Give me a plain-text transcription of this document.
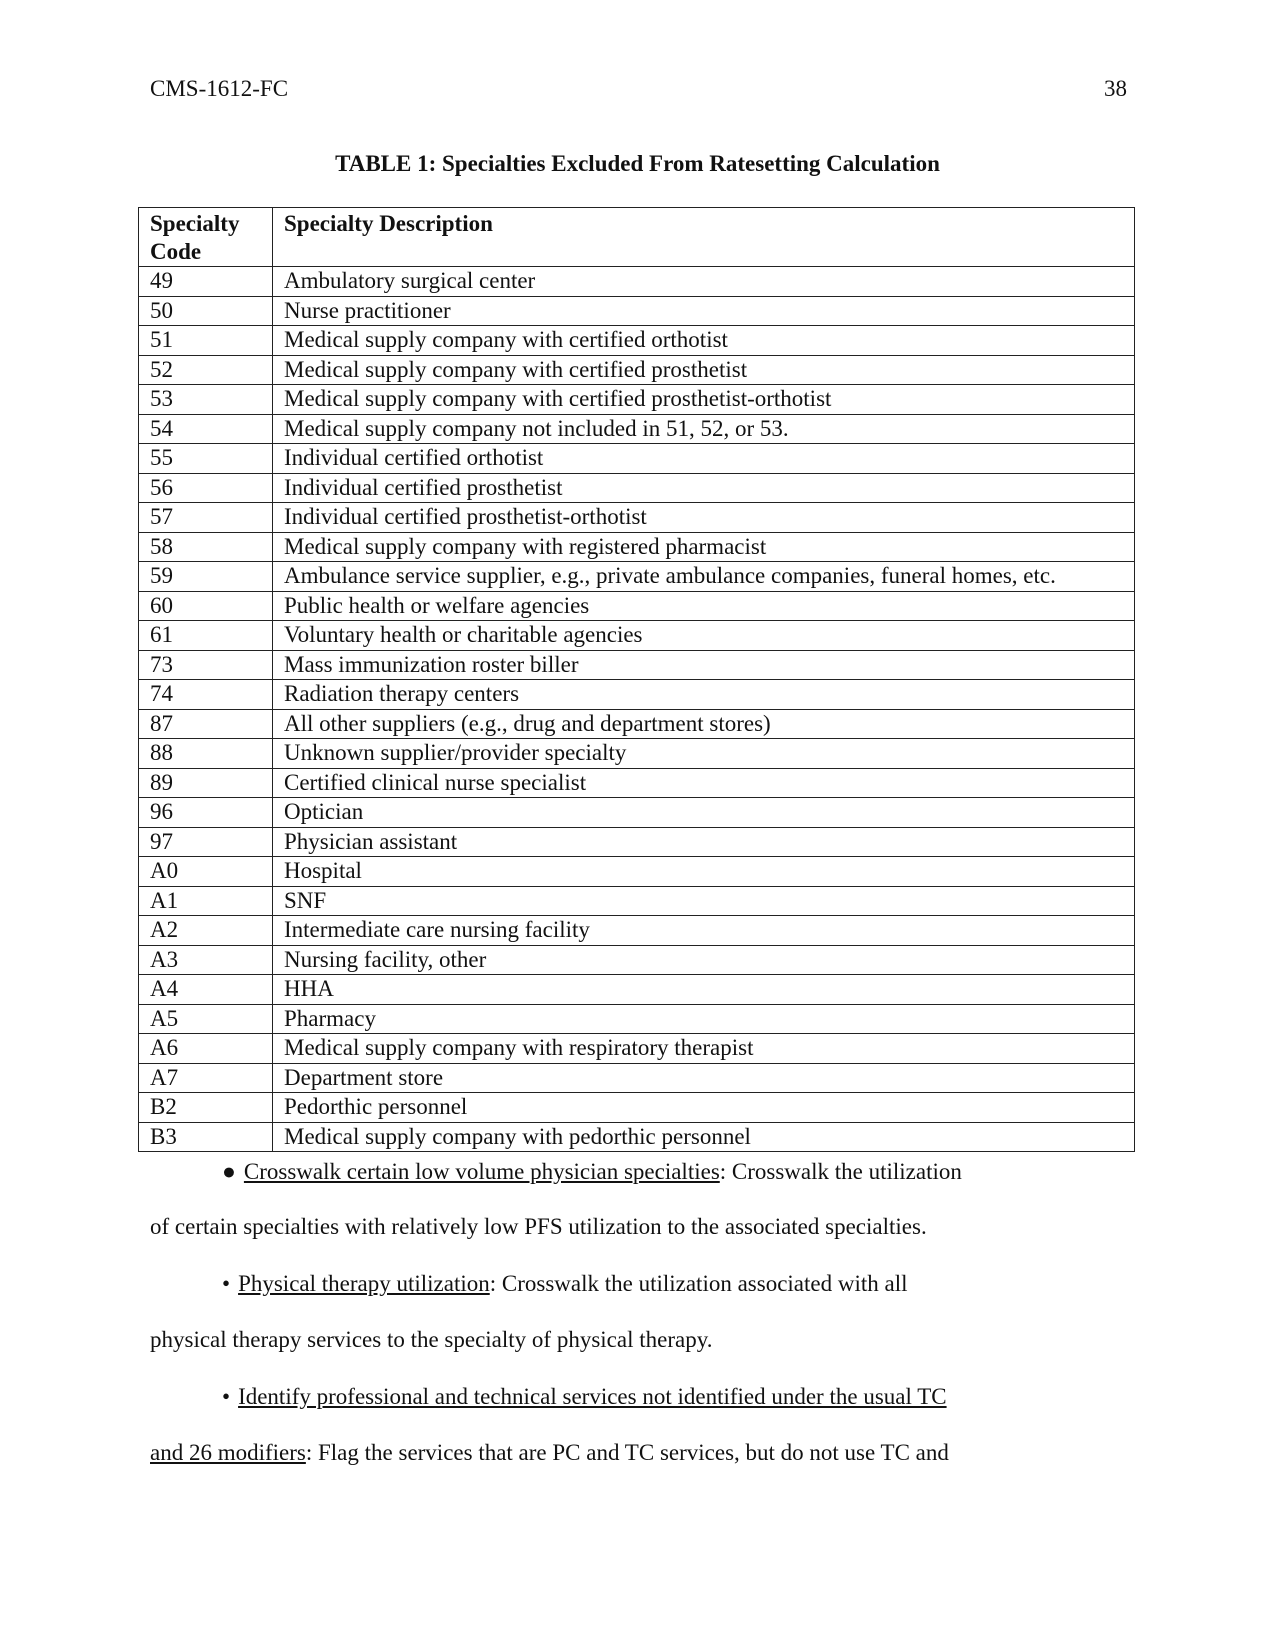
CMS-1612-FC	38
TABLE 1: Specialties Excluded From Ratesetting Calculation
Specialty
Code	Specialty Description
49	Ambulatory surgical center
50	Nurse practitioner
51	Medical supply company with certified orthotist
52	Medical supply company with certified prosthetist
53	Medical supply company with certified prosthetist-orthotist
54	Medical supply company not included in 51, 52, or 53.
55	Individual certified orthotist
56	Individual certified prosthetist
57	Individual certified prosthetist-orthotist
58	Medical supply company with registered pharmacist
59	Ambulance service supplier, e.g., private ambulance companies, funeral homes, etc.
60	Public health or welfare agencies
61	Voluntary health or charitable agencies
73	Mass immunization roster biller
74	Radiation therapy centers
87	All other suppliers (e.g., drug and department stores)
88	Unknown supplier/provider specialty
89	Certified clinical nurse specialist
96	Optician
97	Physician assistant
A0	Hospital
A1	SNF
A2	Intermediate care nursing facility
A3	Nursing facility, other
A4	HHA
A5	Pharmacy
A6	Medical supply company with respiratory therapist
A7	Department store
B2	Pedorthic personnel
B3	Medical supply company with pedorthic personnel
● Crosswalk certain low volume physician specialties: Crosswalk the utilization
of certain specialties with relatively low PFS utilization to the associated specialties.
• Physical therapy utilization: Crosswalk the utilization associated with all
physical therapy services to the specialty of physical therapy.
• Identify professional and technical services not identified under the usual TC
and 26 modifiers: Flag the services that are PC and TC services, but do not use TC and
